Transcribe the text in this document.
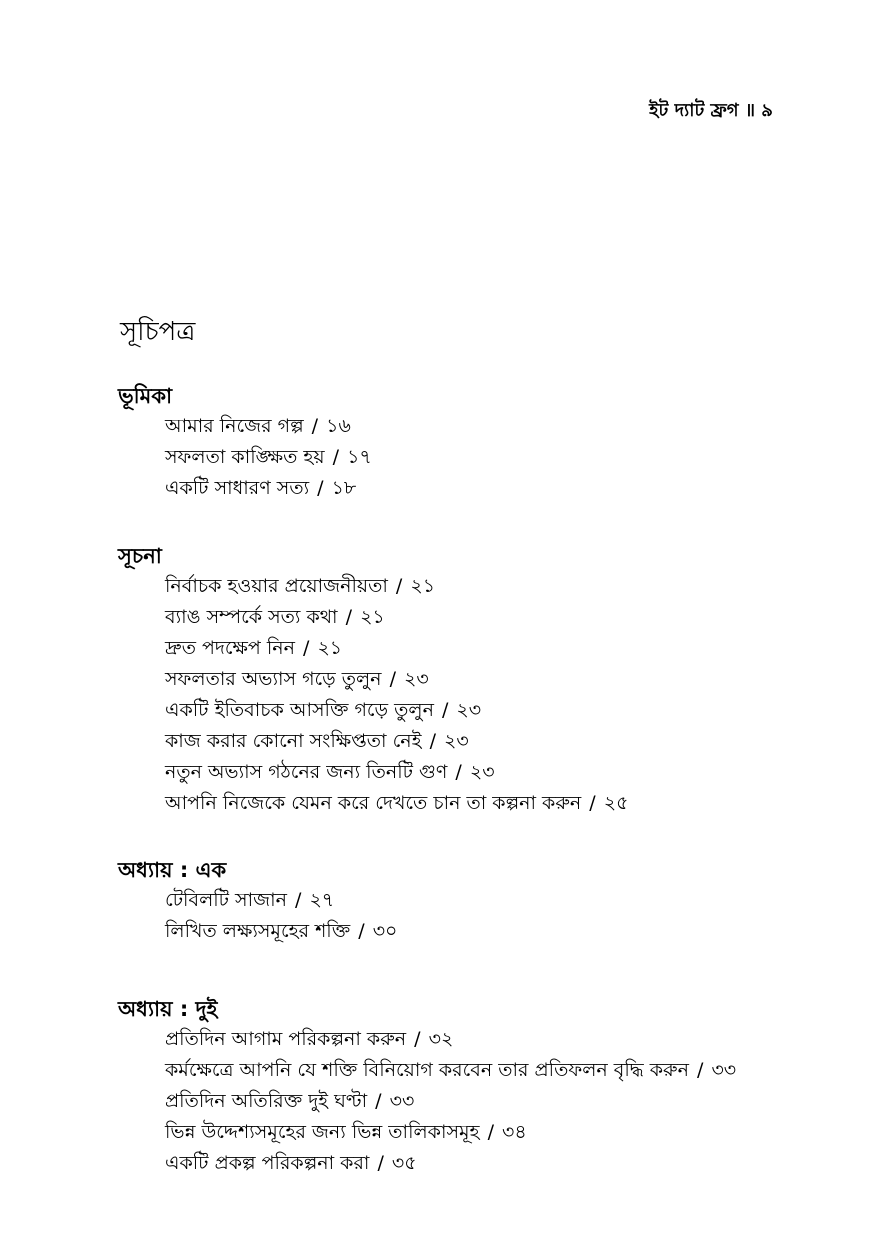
ইট দ্যাট ফ্রগ ॥ ৯
সূচিপত্র
ভূমিকা
আমার নিজের গল্প / ১৬
সফলতা কাঙ্ক্ষিত হয় / ১৭
একটি সাধারণ সত্য / ১৮
সূচনা
নির্বাচক হওয়ার প্রয়োজনীয়তা / ২১
ব্যাঙ সম্পর্কে সত্য কথা / ২১
দ্রুত পদক্ষেপ নিন / ২১
সফলতার অভ্যাস গড়ে তুলুন / ২৩
একটি ইতিবাচক আসক্তি গড়ে তুলুন / ২৩
কাজ করার কোনো সংক্ষিপ্ততা নেই / ২৩
নতুন অভ্যাস গঠনের জন্য তিনটি গুণ / ২৩
আপনি নিজেকে যেমন করে দেখতে চান তা কল্পনা করুন / ২৫
অধ্যায় : এক
টেবিলটি সাজান / ২৭
লিখিত লক্ষ্যসমূহের শক্তি / ৩০
অধ্যায় : দুই
প্রতিদিন আগাম পরিকল্পনা করুন / ৩২
কর্মক্ষেত্রে আপনি যে শক্তি বিনিয়োগ করবেন তার প্রতিফলন বৃদ্ধি করুন / ৩৩
প্রতিদিন অতিরিক্ত দুই ঘণ্টা / ৩৩
ভিন্ন উদ্দেশ্যসমূহের জন্য ভিন্ন তালিকাসমূহ / ৩৪
একটি প্রকল্প পরিকল্পনা করা / ৩৫
